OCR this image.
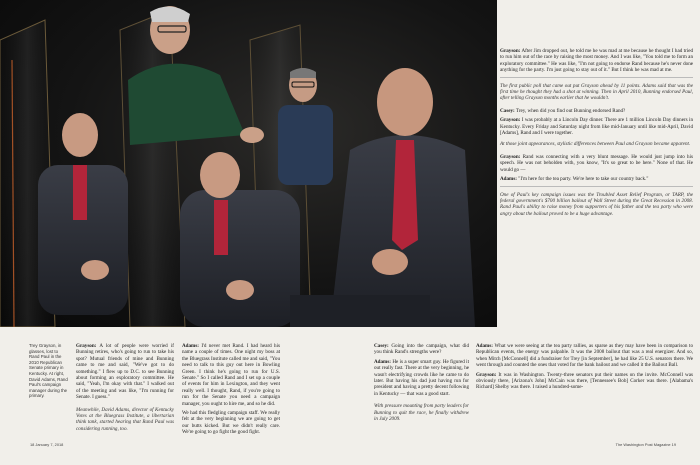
Grayson: After Jim dropped out, he told me he was mad at me because he thought I had tried to run him out of the race by raising the most money. And I was like, "You told me to form an exploratory committee." He was like, "I'm not going to endorse Rand because he's never done anything for the party. I'm just going to stay out of it." But I think he was mad at me.

The first public poll that came out put Grayson ahead by 11 points. Adams said that was the first time he thought they had a shot at winning. Then in April 2010, Bunning endorsed Paul, after telling Grayson months earlier that he wouldn't.

Casey: Trey, when did you find out Bunning endorsed Rand?

Grayson: I was probably at a Lincoln Day dinner. There are 1 million Lincoln Day dinners in Kentucky. Every Friday and Saturday night from like mid-January until like mid-April, David [Adams], Rand and I were together.

At those joint appearances, stylistic differences between Paul and Grayson became apparent.

Grayson: Rand was connecting with a very blunt message. He would just jump into his speech. He was not beholden with, you know, "It's so great to be here." None of that. He would go —

Adams: "I'm here for the tea party. We're here to take our country back."

One of Paul's key campaign issues was the Troubled Asset Relief Program, or TARP, the federal government's $700 billion bailout of Wall Street during the Great Recession in 2008. Rand Paul's ability to raise money from supporters of his father and the tea party who were angry about the bailout proved to be a huge advantage.

Trey Grayson, in glasses, lost to Rand Paul in the 2010 Republican Senate primary in Kentucky. At right, David Adams, Rand Paul's campaign manager during the primary.

Grayson: A lot of people were worried if Bunning retires, who's going to run to take his spot? Mutual friends of mine and Bunning came to me and said, "We've got to do something." I flew up to D.C. to see Bunning about forming an exploratory committee. He said, "Yeah, I'm okay with that." I walked out of the meeting and was like, "I'm running for Senate. I guess."

Meanwhile, David Adams, director of Kentucky Votes at the Bluegrass Institute, a libertarian think tank, started hearing that Rand Paul was considering running, too.

Adams: I'd never met Rand. I had heard his name a couple of times. One night my boss at the Bluegrass Institute called me and said, "You need to talk to this guy out here in Bowling Green. I think he's going to run for U.S. Senate." So I called Rand and I set up a couple of events for him in Lexington, and they went really well. I thought, Rand, if you're going to run for the Senate you need a campaign manager, you ought to hire me, and so he did.

We had this fledgling campaign staff. We really felt at the very beginning we are going to get our butts kicked. But we didn't really care. We're going to go fight the good fight.

Casey: Going into the campaign, what did you think Rand's strengths were?

Adams: He is a super smart guy. He figured it out really fast. There at the very beginning, he wasn't electrifying crowds like he came to do later. But having his dad just having run for president and having a pretty decent following in Kentucky — that was a good start.

With pressure mounting from party leaders for Bunning to quit the race, he finally withdrew in July 2009.

Adams: What we were seeing at the tea party rallies, as sparse as they may have been in comparison to Republican events, the energy was palpable. It was the 2008 bailout that was a real energizer. And so, when Mitch [McConnell] did a fundraiser for Trey [in September], he had like 25 U.S. senators there. We went through and counted the ones that voted for the bank bailout and we called it the Bailout Ball.

Grayson: It was in Washington. Twenty-three senators put their names on the invite. McConnell was obviously there, [Arizona's John] McCain was there, [Tennessee's Bob] Corker was there. [Alabama's Richard] Shelby was there. I raised a hundred-some-

18 January 7, 2018	The Washington Post Magazine 19
